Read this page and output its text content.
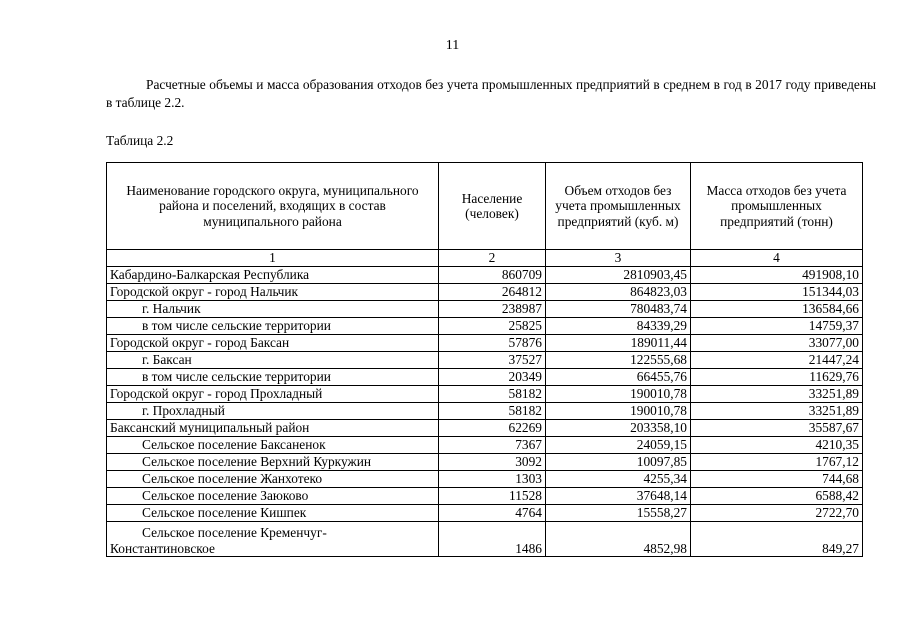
11
Расчетные объемы и масса образования отходов без учета промышленных предприятий в среднем в год в 2017 году приведены в таблице 2.2.
Таблица 2.2
Наименование городского округа, муниципального района и поселений, входящих в состав муниципального района	Население (человек)	Объем отходов без учета промышленных предприятий (куб. м)	Масса отходов без учета промышленных предприятий (тонн)
1	2	3	4
Кабардино-Балкарская Республика	860709	2810903,45	491908,10
Городской округ - город Нальчик	264812	864823,03	151344,03
г. Нальчик	238987	780483,74	136584,66
в том числе сельские территории	25825	84339,29	14759,37
Городской округ - город Баксан	57876	189011,44	33077,00
г. Баксан	37527	122555,68	21447,24
в том числе сельские территории	20349	66455,76	11629,76
Городской округ - город Прохладный	58182	190010,78	33251,89
г. Прохладный	58182	190010,78	33251,89
Баксанский муниципальный район	62269	203358,10	35587,67
Сельское поселение Баксаненок	7367	24059,15	4210,35
Сельское поселение Верхний Куркужин	3092	10097,85	1767,12
Сельское поселение Жанхотеко	1303	4255,34	744,68
Сельское поселение Заюково	11528	37648,14	6588,42
Сельское поселение Кишпек	4764	15558,27	2722,70

Сельское поселение Кременчуг-
Константиновское	1486	4852,98	849,27
